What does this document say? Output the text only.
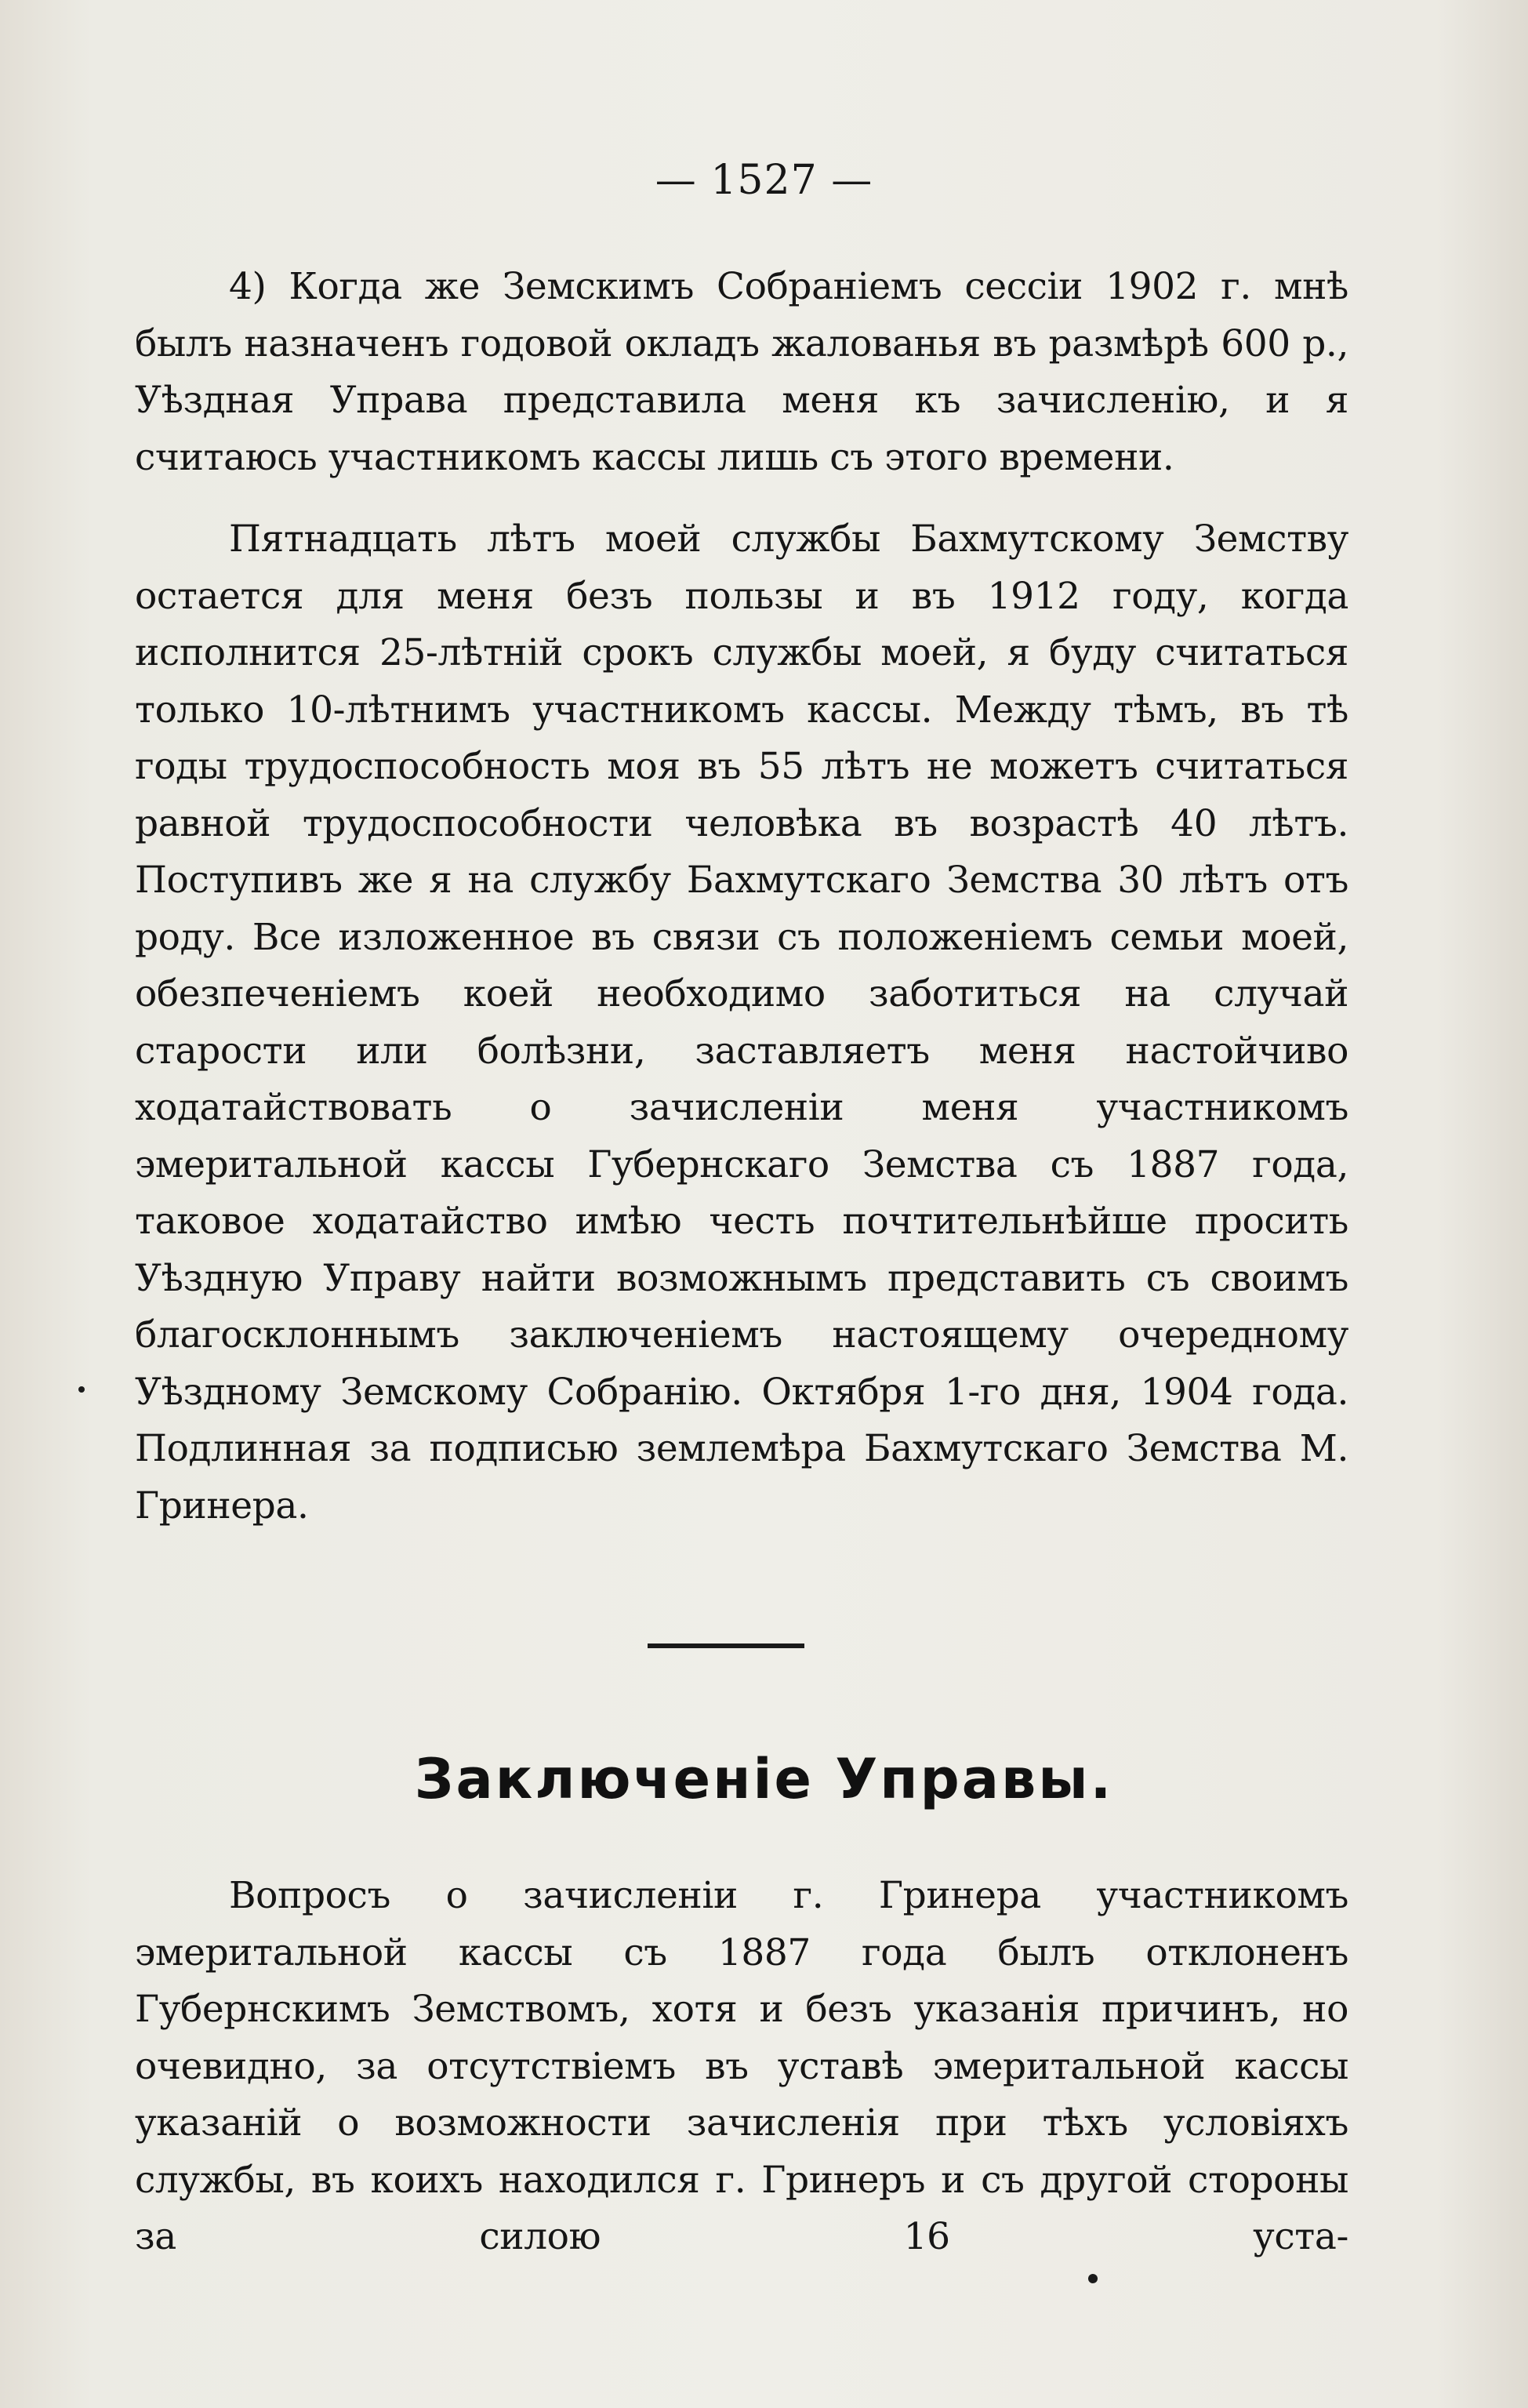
— 1527 —

4) Когда же Земскимъ Собраніемъ сессіи 1902 г. мнѣ былъ назначенъ годовой окладъ жалованья въ размѣрѣ 600 р., Уѣздная Управа представила меня къ зачисленію, и я считаюсь участникомъ кассы лишь съ этого времени.

Пятнадцать лѣтъ моей службы Бахмутскому Земству остается для меня безъ пользы и въ 1912 году, когда исполнится 25-лѣтній срокъ службы моей, я буду считаться только 10-лѣтнимъ участникомъ кассы. Между тѣмъ, въ тѣ годы трудоспособность моя въ 55 лѣтъ не можетъ считаться равной трудоспособности человѣка въ возрастѣ 40 лѣтъ. Поступивъ же я на службу Бахмутскаго Земства 30 лѣтъ отъ роду. Все изложенное въ связи съ положеніемъ семьи моей, обезпеченіемъ коей необходимо заботиться на случай старости или болѣзни, заставляетъ меня настойчиво ходатайствовать о зачисленіи меня участникомъ эмеритальной кассы Губернскаго Земства съ 1887 года, таковое ходатайство имѣю честь почтительнѣйше просить Уѣздную Управу найти возможнымъ представить съ своимъ благосклоннымъ заключеніемъ настоящему очередному Уѣздному Земскому Собранію. Октября 1-го дня, 1904 года. Подлинная за подписью землемѣра Бахмутскаго Земства М. Гринера.

Заключеніе Управы.

Вопросъ о зачисленіи г. Гринера участникомъ эмеритальной кассы съ 1887 года былъ отклоненъ Губернскимъ Земствомъ, хотя и безъ указанія причинъ, но очевидно, за отсутствіемъ въ уставѣ эмеритальной кассы указаній о возможности зачисленія при тѣхъ условіяхъ службы, въ коихъ находился г. Гринеръ и съ другой стороны за силою 16 уста-
